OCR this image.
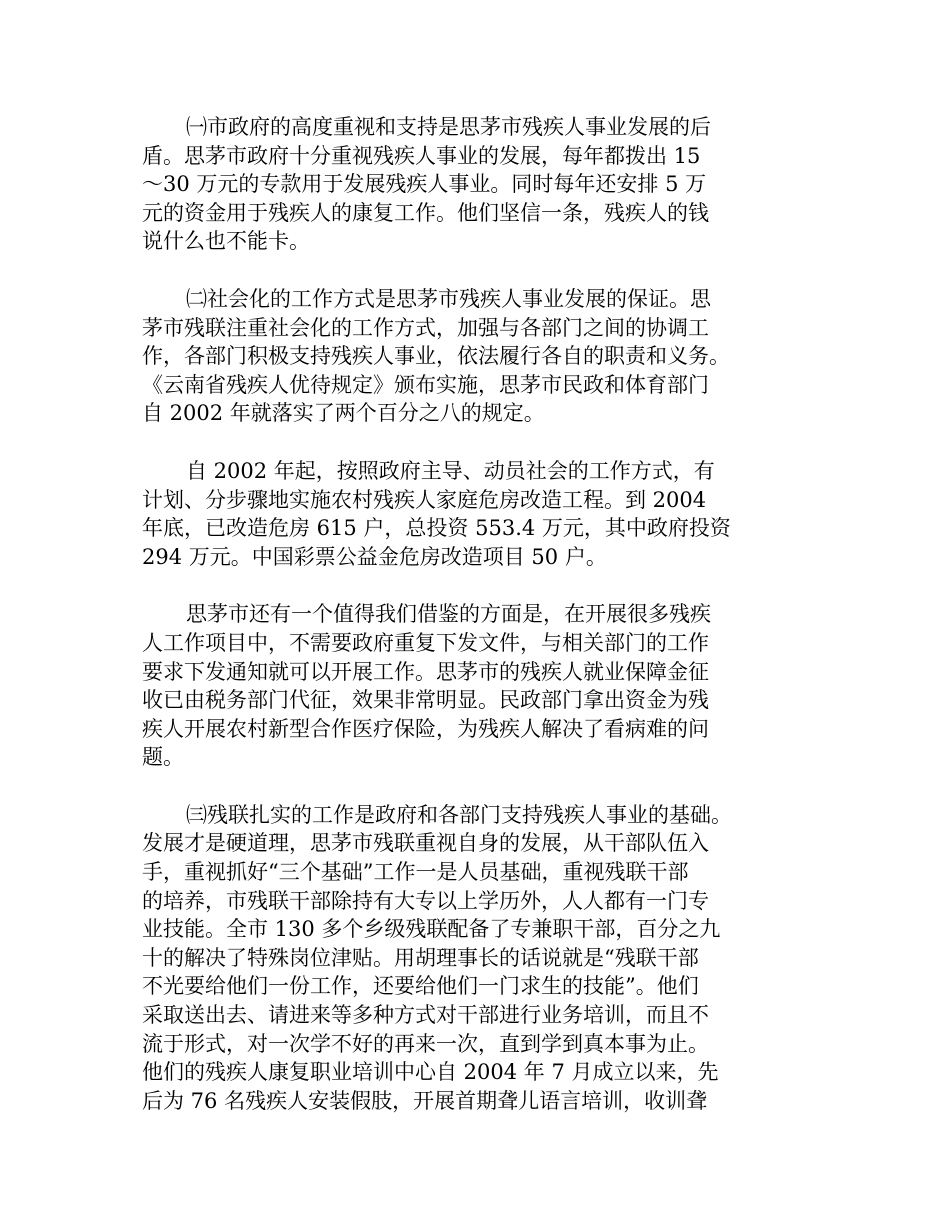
㈠市政府的高度重视和支持是思茅市残疾人事业发展的后
盾。思茅市政府十分重视残疾人事业的发展，每年都拨出 15
～30 万元的专款用于发展残疾人事业。同时每年还安排 5 万
元的资金用于残疾人的康复工作。他们坚信一条，残疾人的钱
说什么也不能卡。

㈡社会化的工作方式是思茅市残疾人事业发展的保证。思
茅市残联注重社会化的工作方式，加强与各部门之间的协调工
作，各部门积极支持残疾人事业，依法履行各自的职责和义务。
《云南省残疾人优待规定》颁布实施，思茅市民政和体育部门
自 2002 年就落实了两个百分之八的规定。

自 2002 年起，按照政府主导、动员社会的工作方式，有
计划、分步骤地实施农村残疾人家庭危房改造工程。到 2004
年底，已改造危房 615 户，总投资 553.4 万元，其中政府投资
294 万元。中国彩票公益金危房改造项目 50 户。

思茅市还有一个值得我们借鉴的方面是，在开展很多残疾
人工作项目中，不需要政府重复下发文件，与相关部门的工作
要求下发通知就可以开展工作。思茅市的残疾人就业保障金征
收已由税务部门代征，效果非常明显。民政部门拿出资金为残
疾人开展农村新型合作医疗保险，为残疾人解决了看病难的问
题。

㈢残联扎实的工作是政府和各部门支持残疾人事业的基础。
发展才是硬道理，思茅市残联重视自身的发展，从干部队伍入
手，重视抓好“三个基础”工作一是人员基础，重视残联干部
的培养，市残联干部除持有大专以上学历外，人人都有一门专
业技能。全市 130 多个乡级残联配备了专兼职干部，百分之九
十的解决了特殊岗位津贴。用胡理事长的话说就是“残联干部
不光要给他们一份工作，还要给他们一门求生的技能”。他们
采取送出去、请进来等多种方式对干部进行业务培训，而且不
流于形式，对一次学不好的再来一次，直到学到真本事为止。
他们的残疾人康复职业培训中心自 2004 年 7 月成立以来，先
后为 76 名残疾人安装假肢，开展首期聋儿语言培训，收训聋
